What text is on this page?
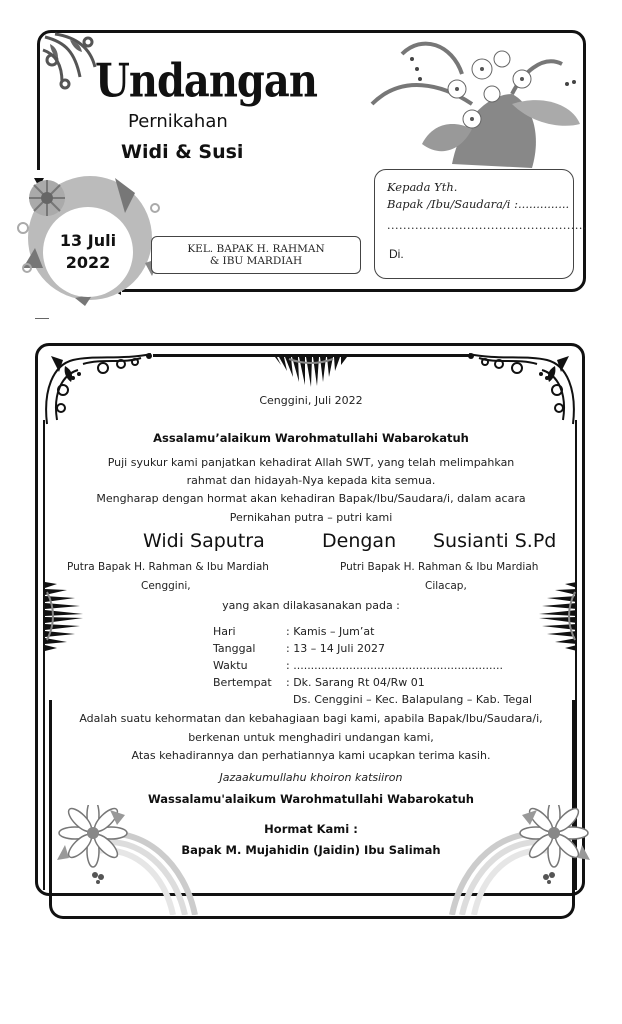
Undangan
Pernikahan
Widi & Susi
13 Juli
2022
KEL. BAPAK H. RAHMAN
& IBU MARDIAH
Kepada Yth.
Bapak /Ibu/Saudara/i :..............
..................................................
Di.
Cenggini, Juli 2022
Assalamu’alaikum Warohmatullahi Wabarokatuh
Puji syukur kami panjatkan kehadirat Allah SWT, yang telah melimpahkan
rahmat dan hidayah-Nya kepada kita semua.
Mengharap dengan hormat akan kehadiran Bapak/Ibu/Saudara/i, dalam acara
Pernikahan putra – putri kami
Widi Saputra	Dengan Susianti S.Pd
Putra Bapak H. Rahman & Ibu Mardiah
Cenggini,
Putri Bapak H. Rahman & Ibu Mardiah
Cilacap,
yang akan dilakasanakan pada :
Hari	: Kamis – Jum’at
Tanggal	: 13 – 14 Juli 2027
Waktu	: ............................................................
Bertempat	: Dk. Sarang Rt 04/Rw 01
Ds. Cenggini – Kec. Balapulang – Kab. Tegal
Adalah suatu kehormatan dan kebahagiaan bagi kami, apabila Bapak/Ibu/Saudara/i,
berkenan untuk menghadiri undangan kami,
Atas kehadirannya dan perhatiannya kami ucapkan terima kasih.
Jazaakumullahu khoiron katsiiron
Wassalamu'alaikum Warohmatullahi Wabarokatuh
Hormat Kami :
Bapak M. Mujahidin (Jaidin) Ibu Salimah
